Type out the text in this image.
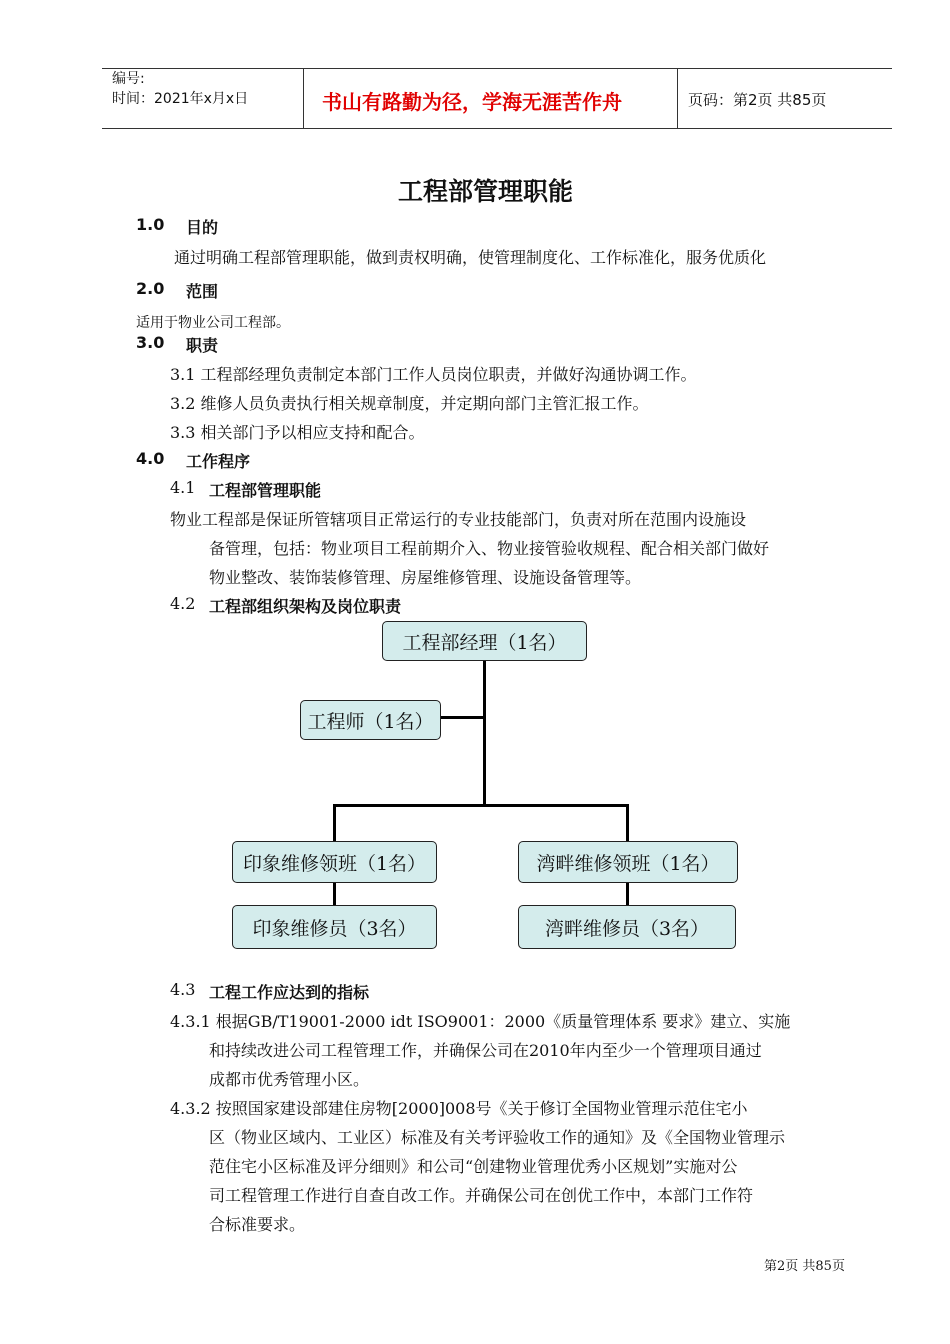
编号:
时间：2021年x月x日	书山有路勤为径，学海无涯苦作舟	页码：第2页 共85页
工程部管理职能
1.0 目的
通过明确工程部管理职能，做到责权明确，使管理制度化、工作标准化，服务优质化
2.0 范围
适用于物业公司工程部。
3.0 职责
3.1 工程部经理负责制定本部门工作人员岗位职责，并做好沟通协调工作。
3.2 维修人员负责执行相关规章制度，并定期向部门主管汇报工作。
3.3 相关部门予以相应支持和配合。
4.0 工作程序
4.1 工程部管理职能
物业工程部是保证所管辖项目正常运行的专业技能部门，负责对所在范围内设施设
备管理，包括：物业项目工程前期介入、物业接管验收规程、配合相关部门做好
物业整改、装饰装修管理、房屋维修管理、设施设备管理等。
4.2 工程部组织架构及岗位职责
工程部经理（1名）
工程师（1名）
印象维修领班（1名）	湾畔维修领班（1名）
印象维修员（3名）	湾畔维修员（3名）
4.3 工程工作应达到的指标
4.3.1 根据GB/T19001-2000 idt ISO9001：2000《质量管理体系 要求》建立、实施
和持续改进公司工程管理工作，并确保公司在2010年内至少一个管理项目通过
成都市优秀管理小区。
4.3.2 按照国家建设部建住房物[2000]008号《关于修订全国物业管理示范住宅小
区（物业区域内、工业区）标准及有关考评验收工作的通知》及《全国物业管理示
范住宅小区标准及评分细则》和公司“创建物业管理优秀小区规划”实施对公
司工程管理工作进行自查自改工作。并确保公司在创优工作中，本部门工作符
合标准要求。
第2页 共85页
